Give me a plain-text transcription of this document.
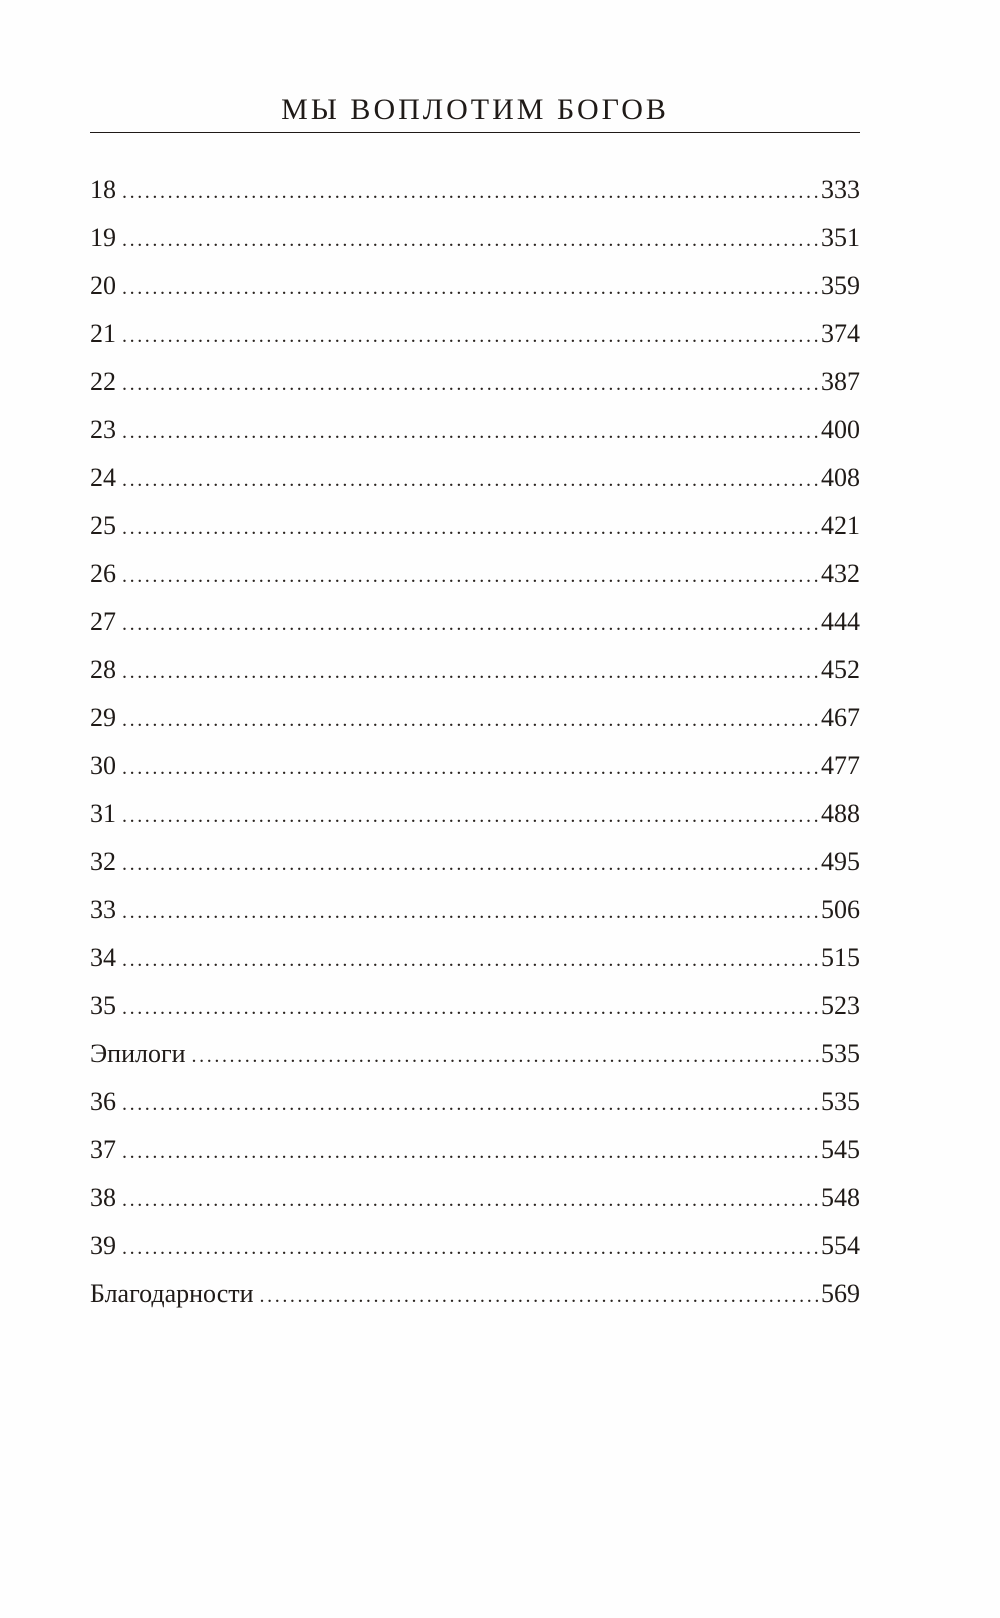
МЫ ВОПЛОТИМ БОГОВ
18 .....	333
19 .....	351
20 .....	359
21 .....	374
22 .....	387
23 .....	400
24 .....	408
25 .....	421
26 .....	432
27 .....	444
28 .....	452
29 .....	467
30 .....	477
31 .....	488
32 .....	495
33 .....	506
34 .....	515
35 .....	523
Эпилоги .....	535
36 .....	535
37 .....	545
38 .....	548
39 .....	554
Благодарности .....	569
